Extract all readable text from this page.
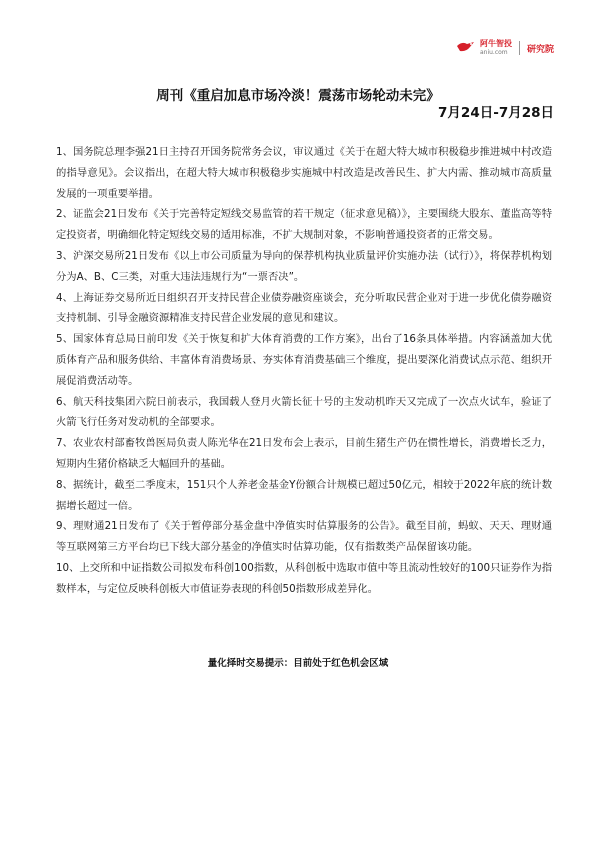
阿牛智投
aniu.com	研究院
周刊《重启加息市场冷淡！震荡市场轮动未完》
7月24日-7月28日
1、国务院总理李强21日主持召开国务院常务会议，审议通过《关于在超大特大城市积极稳步推进城中村改造的指导意见》。会议指出，在超大特大城市积极稳步实施城中村改造是改善民生、扩大内需、推动城市高质量发展的一项重要举措。
2、证监会21日发布《关于完善特定短线交易监管的若干规定（征求意见稿）》，主要围绕大股东、董监高等特定投资者，明确细化特定短线交易的适用标准，不扩大规制对象，不影响普通投资者的正常交易。
3、沪深交易所21日发布《以上市公司质量为导向的保荐机构执业质量评价实施办法（试行）》，将保荐机构划分为A、B、C三类，对重大违法违规行为“一票否决”。
4、上海证券交易所近日组织召开支持民营企业债券融资座谈会，充分听取民营企业对于进一步优化债券融资支持机制、引导金融资源精准支持民营企业发展的意见和建议。
5、国家体育总局日前印发《关于恢复和扩大体育消费的工作方案》，出台了16条具体举措。内容涵盖加大优质体育产品和服务供给、丰富体育消费场景、夯实体育消费基础三个维度，提出要深化消费试点示范、组织开展促消费活动等。
6、航天科技集团六院日前表示，我国载人登月火箭长征十号的主发动机昨天又完成了一次点火试车，验证了火箭飞行任务对发动机的全部要求。
7、农业农村部畜牧兽医局负责人陈光华在21日发布会上表示，目前生猪生产仍在惯性增长，消费增长乏力，短期内生猪价格缺乏大幅回升的基础。
8、据统计，截至二季度末，151只个人养老金基金Y份额合计规模已超过50亿元，相较于2022年底的统计数据增长超过一倍。
9、理财通21日发布了《关于暂停部分基金盘中净值实时估算服务的公告》。截至目前，蚂蚁、天天、理财通等互联网第三方平台均已下线大部分基金的净值实时估算功能，仅有指数类产品保留该功能。
10、上交所和中证指数公司拟发布科创100指数，从科创板中选取市值中等且流动性较好的100只证券作为指数样本，与定位反映科创板大市值证券表现的科创50指数形成差异化。
量化择时交易提示：目前处于红色机会区域
